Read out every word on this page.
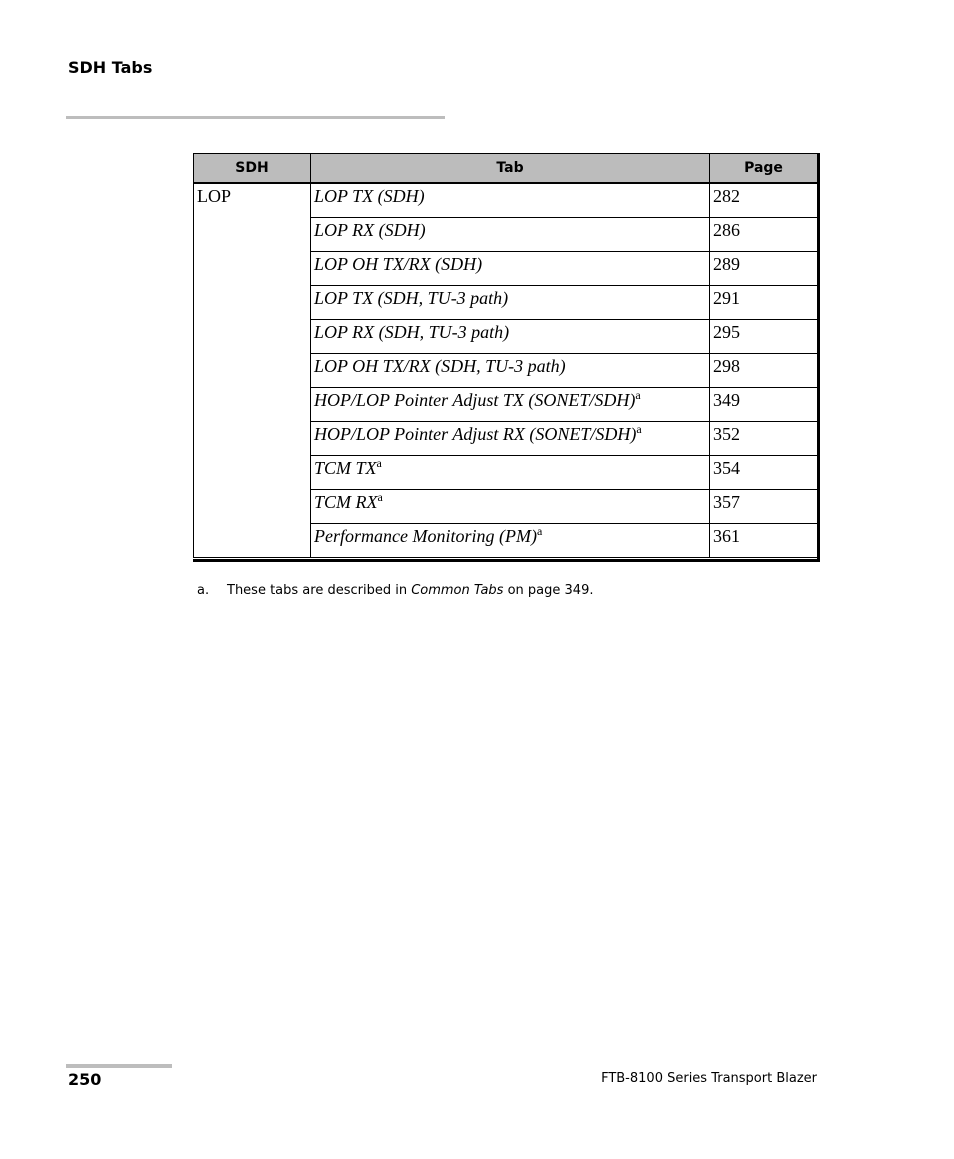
SDH Tabs
SDH	Tab	Page
LOP	LOP TX (SDH)	282
	LOP RX (SDH)	286
	LOP OH TX/RX (SDH)	289
	LOP TX (SDH, TU-3 path)	291
	LOP RX (SDH, TU-3 path)	295
	LOP OH TX/RX (SDH, TU-3 path)	298
	HOP/LOP Pointer Adjust TX (SONET/SDH)$^a$	349
	HOP/LOP Pointer Adjust RX (SONET/SDH)$^a$	352
	TCM $TX^a$	354
	TCM $RX^a$	357
	Performance Monitoring (PM)$^a$	361
a. These tabs are described in Common Tabs on page 349.
250	FTB-8100 Series Transport Blazer
